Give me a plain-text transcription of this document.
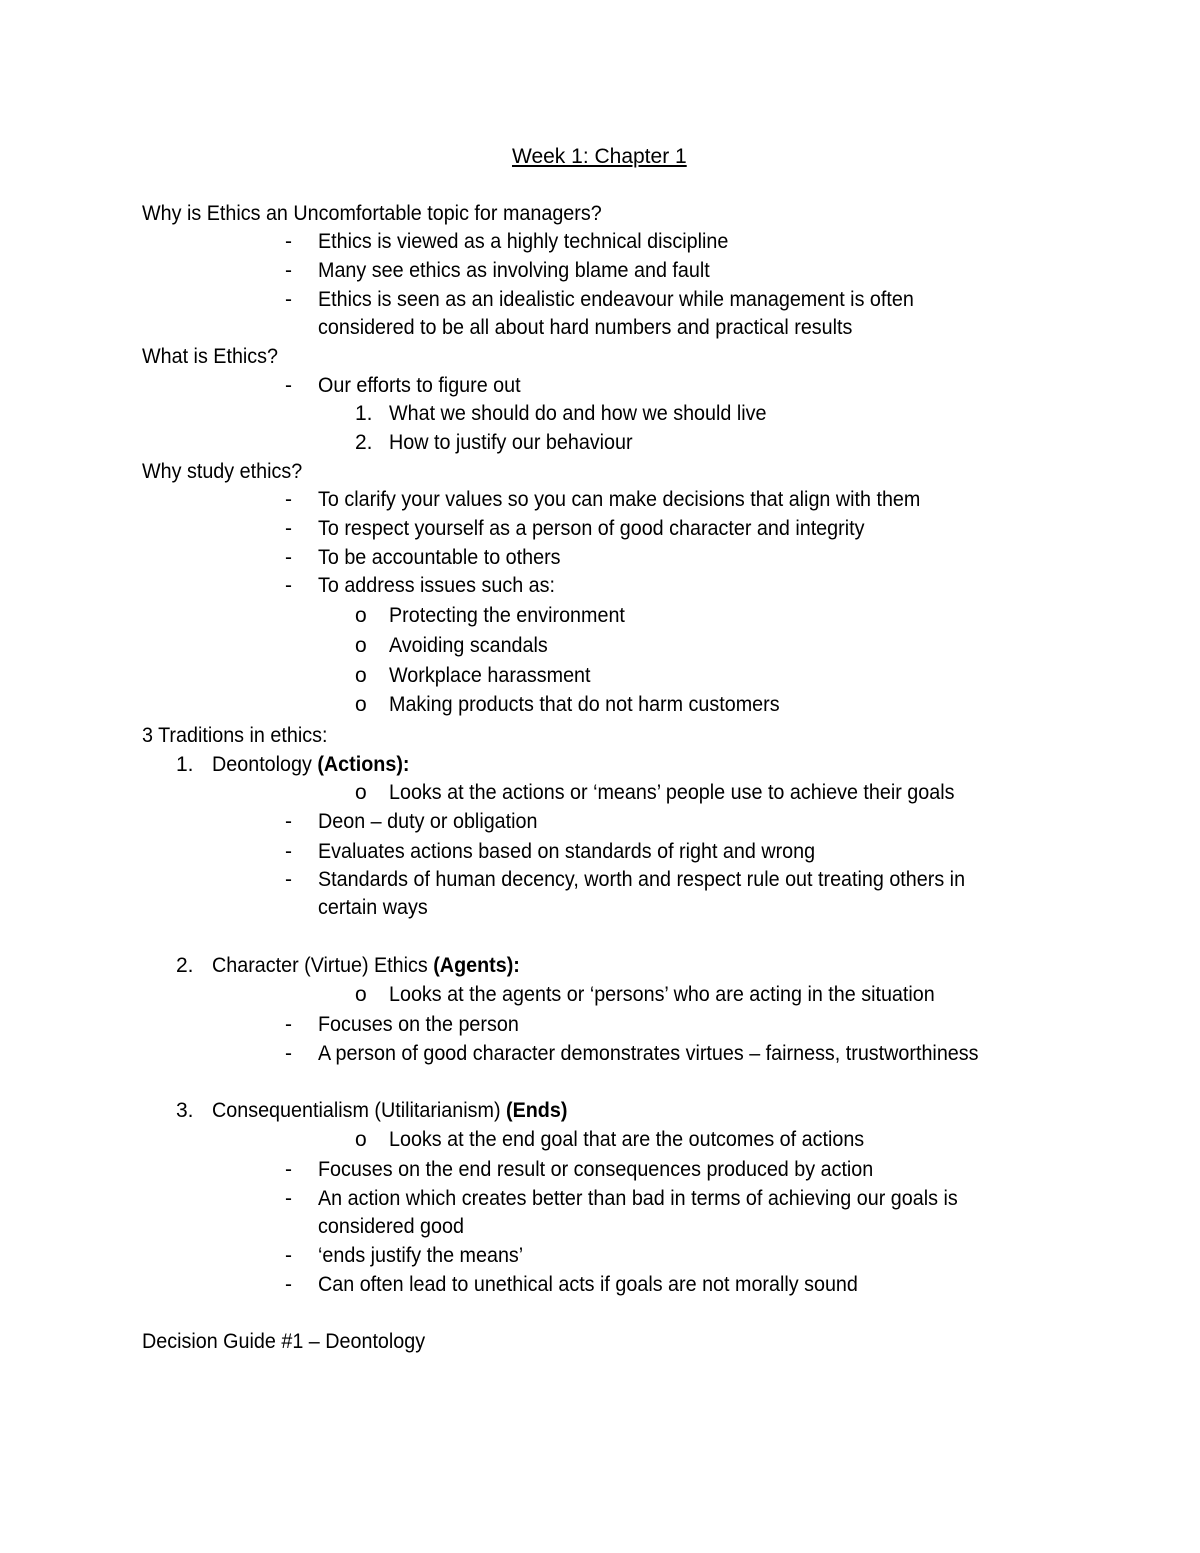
Week 1: Chapter 1
Why is Ethics an Uncomfortable topic for managers?
- Ethics is viewed as a highly technical discipline
- Many see ethics as involving blame and fault
- Ethics is seen as an idealistic endeavour while management is often
considered to be all about hard numbers and practical results
What is Ethics?
- Our efforts to figure out
1. What we should do and how we should live
2. How to justify our behaviour
Why study ethics?
- To clarify your values so you can make decisions that align with them
- To respect yourself as a person of good character and integrity
- To be accountable to others
- To address issues such as:
o Protecting the environment
o Avoiding scandals
o Workplace harassment
o Making products that do not harm customers
3 Traditions in ethics:
1. Deontology (Actions):
o Looks at the actions or ‘means’ people use to achieve their goals
- Deon – duty or obligation
- Evaluates actions based on standards of right and wrong
- Standards of human decency, worth and respect rule out treating others in
certain ways
2. Character (Virtue) Ethics (Agents):
o Looks at the agents or ‘persons’ who are acting in the situation
- Focuses on the person
- A person of good character demonstrates virtues – fairness, trustworthiness
3. Consequentialism (Utilitarianism) (Ends)
o Looks at the end goal that are the outcomes of actions
- Focuses on the end result or consequences produced by action
- An action which creates better than bad in terms of achieving our goals is
considered good
- ‘ends justify the means’
- Can often lead to unethical acts if goals are not morally sound
Decision Guide #1 – Deontology
